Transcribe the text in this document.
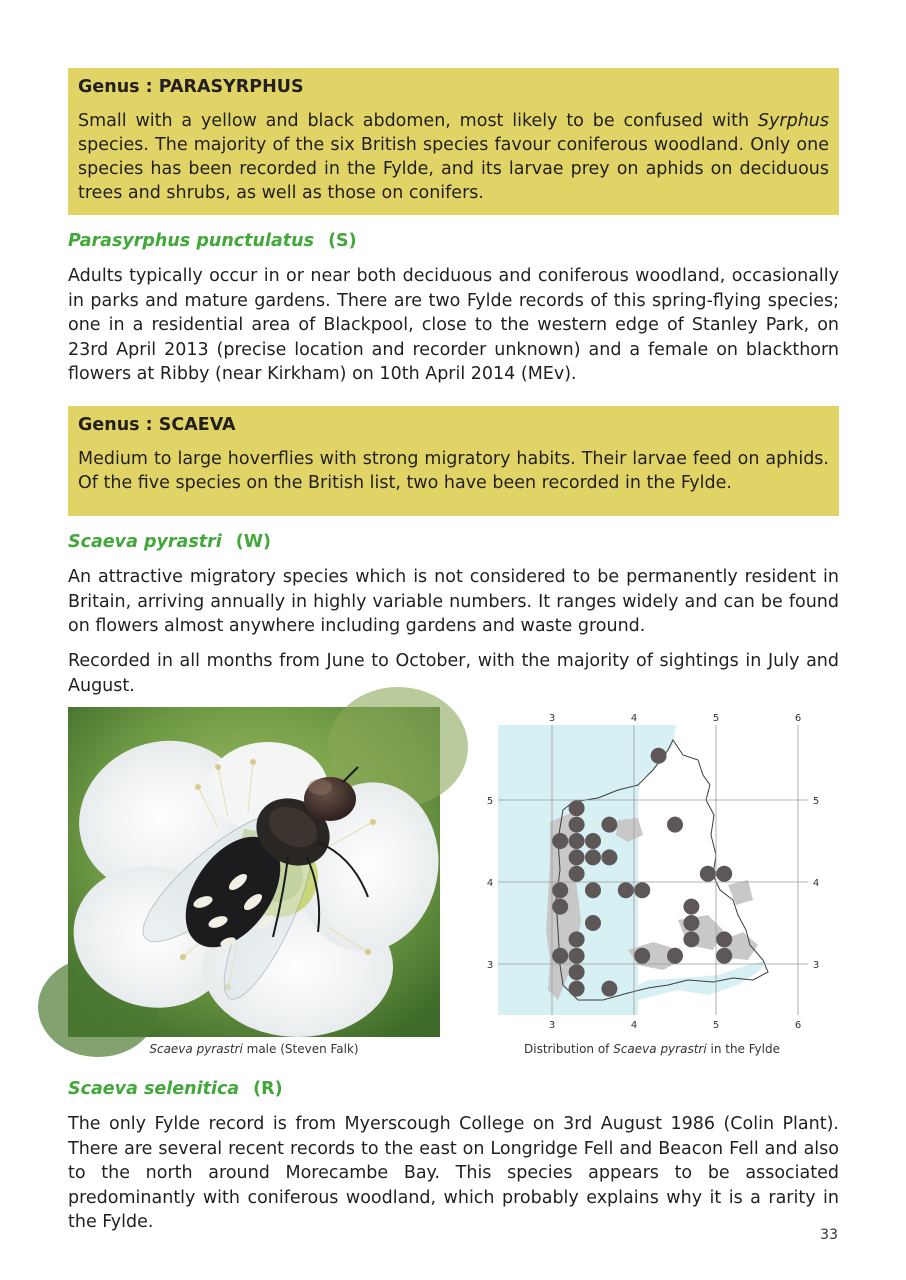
Genus : PARASYRPHUS
Small with a yellow and black abdomen, most likely to be confused with Syrphus species. The majority of the six British species favour coniferous woodland. Only one species has been recorded in the Fylde, and its larvae prey on aphids on deciduous trees and shrubs, as well as those on conifers.
Parasyrphus punctulatus (S)

Adults typically occur in or near both deciduous and coniferous woodland, occasionally in parks and mature gardens. There are two Fylde records of this spring-flying species; one in a residential area of Blackpool, close to the western edge of Stanley Park, on 23rd April 2013 (precise location and recorder unknown) and a female on blackthorn flowers at Ribby (near Kirkham) on 10th April 2014 (MEv).

Genus : SCAEVA
Medium to large hoverflies with strong migratory habits. Their larvae feed on aphids. Of the five species on the British list, two have been recorded in the Fylde.
Scaeva pyrastri (W)

An attractive migratory species which is not considered to be permanently resident in Britain, arriving annually in highly variable numbers. It ranges widely and can be found on flowers almost anywhere including gardens and waste ground.

Recorded in all months from June to October, with the majority of sightings in July and August.

Scaeva pyrastri male (Steven Falk)
3
3
4
4
5
5
6
6
5	5
4	4
3	3
Distribution of Scaeva pyrastri in the Fylde
Scaeva selenitica (R)

The only Fylde record is from Myerscough College on 3rd August 1986 (Colin Plant). There are several recent records to the east on Longridge Fell and Beacon Fell and also to the north around Morecambe Bay. This species appears to be associated predominantly with coniferous woodland, which probably explains why it is a rarity in the Fylde.

33
